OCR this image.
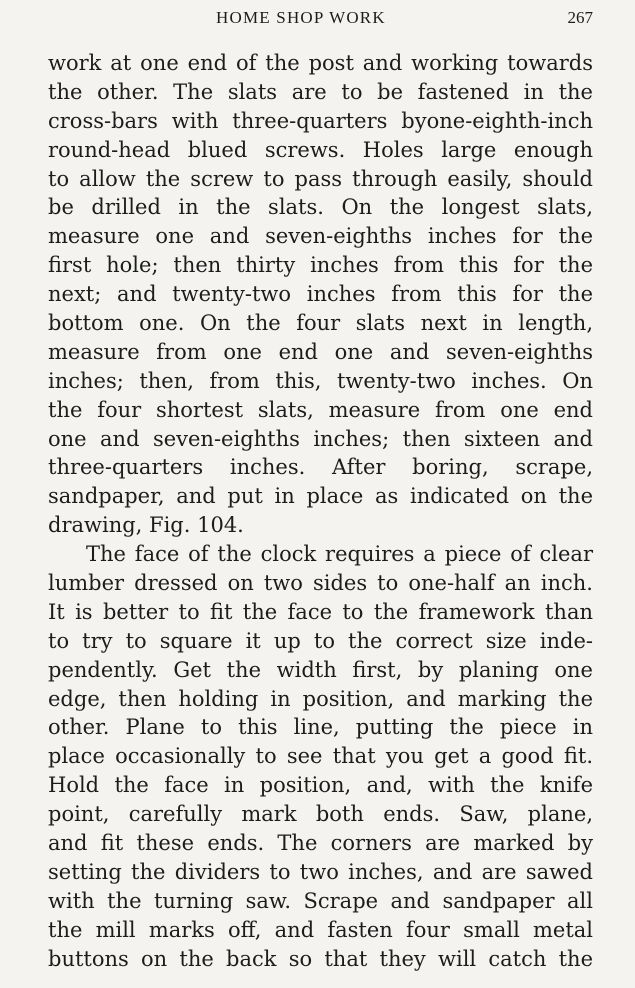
HOME SHOP WORK	267
work at one end of the post and working towards
the other. The slats are to be fastened in the
cross-bars with three-quarters byone-eighth-inch
round-head blued screws. Holes large enough
to allow the screw to pass through easily, should
be drilled in the slats. On the longest slats,
measure one and seven-eighths inches for the
first hole; then thirty inches from this for the
next; and twenty-two inches from this for the
bottom one. On the four slats next in length,
measure from one end one and seven-eighths
inches; then, from this, twenty-two inches. On
the four shortest slats, measure from one end
one and seven-eighths inches; then sixteen and
three-quarters inches. After boring, scrape,
sandpaper, and put in place as indicated on the
drawing, Fig. 104.
The face of the clock requires a piece of clear
lumber dressed on two sides to one-half an inch.
It is better to fit the face to the framework than
to try to square it up to the correct size inde-
pendently. Get the width first, by planing one
edge, then holding in position, and marking the
other. Plane to this line, putting the piece in
place occasionally to see that you get a good fit.
Hold the face in position, and, with the knife
point, carefully mark both ends. Saw, plane,
and fit these ends. The corners are marked by
setting the dividers to two inches, and are sawed
with the turning saw. Scrape and sandpaper all
the mill marks off, and fasten four small metal
buttons on the back so that they will catch the
